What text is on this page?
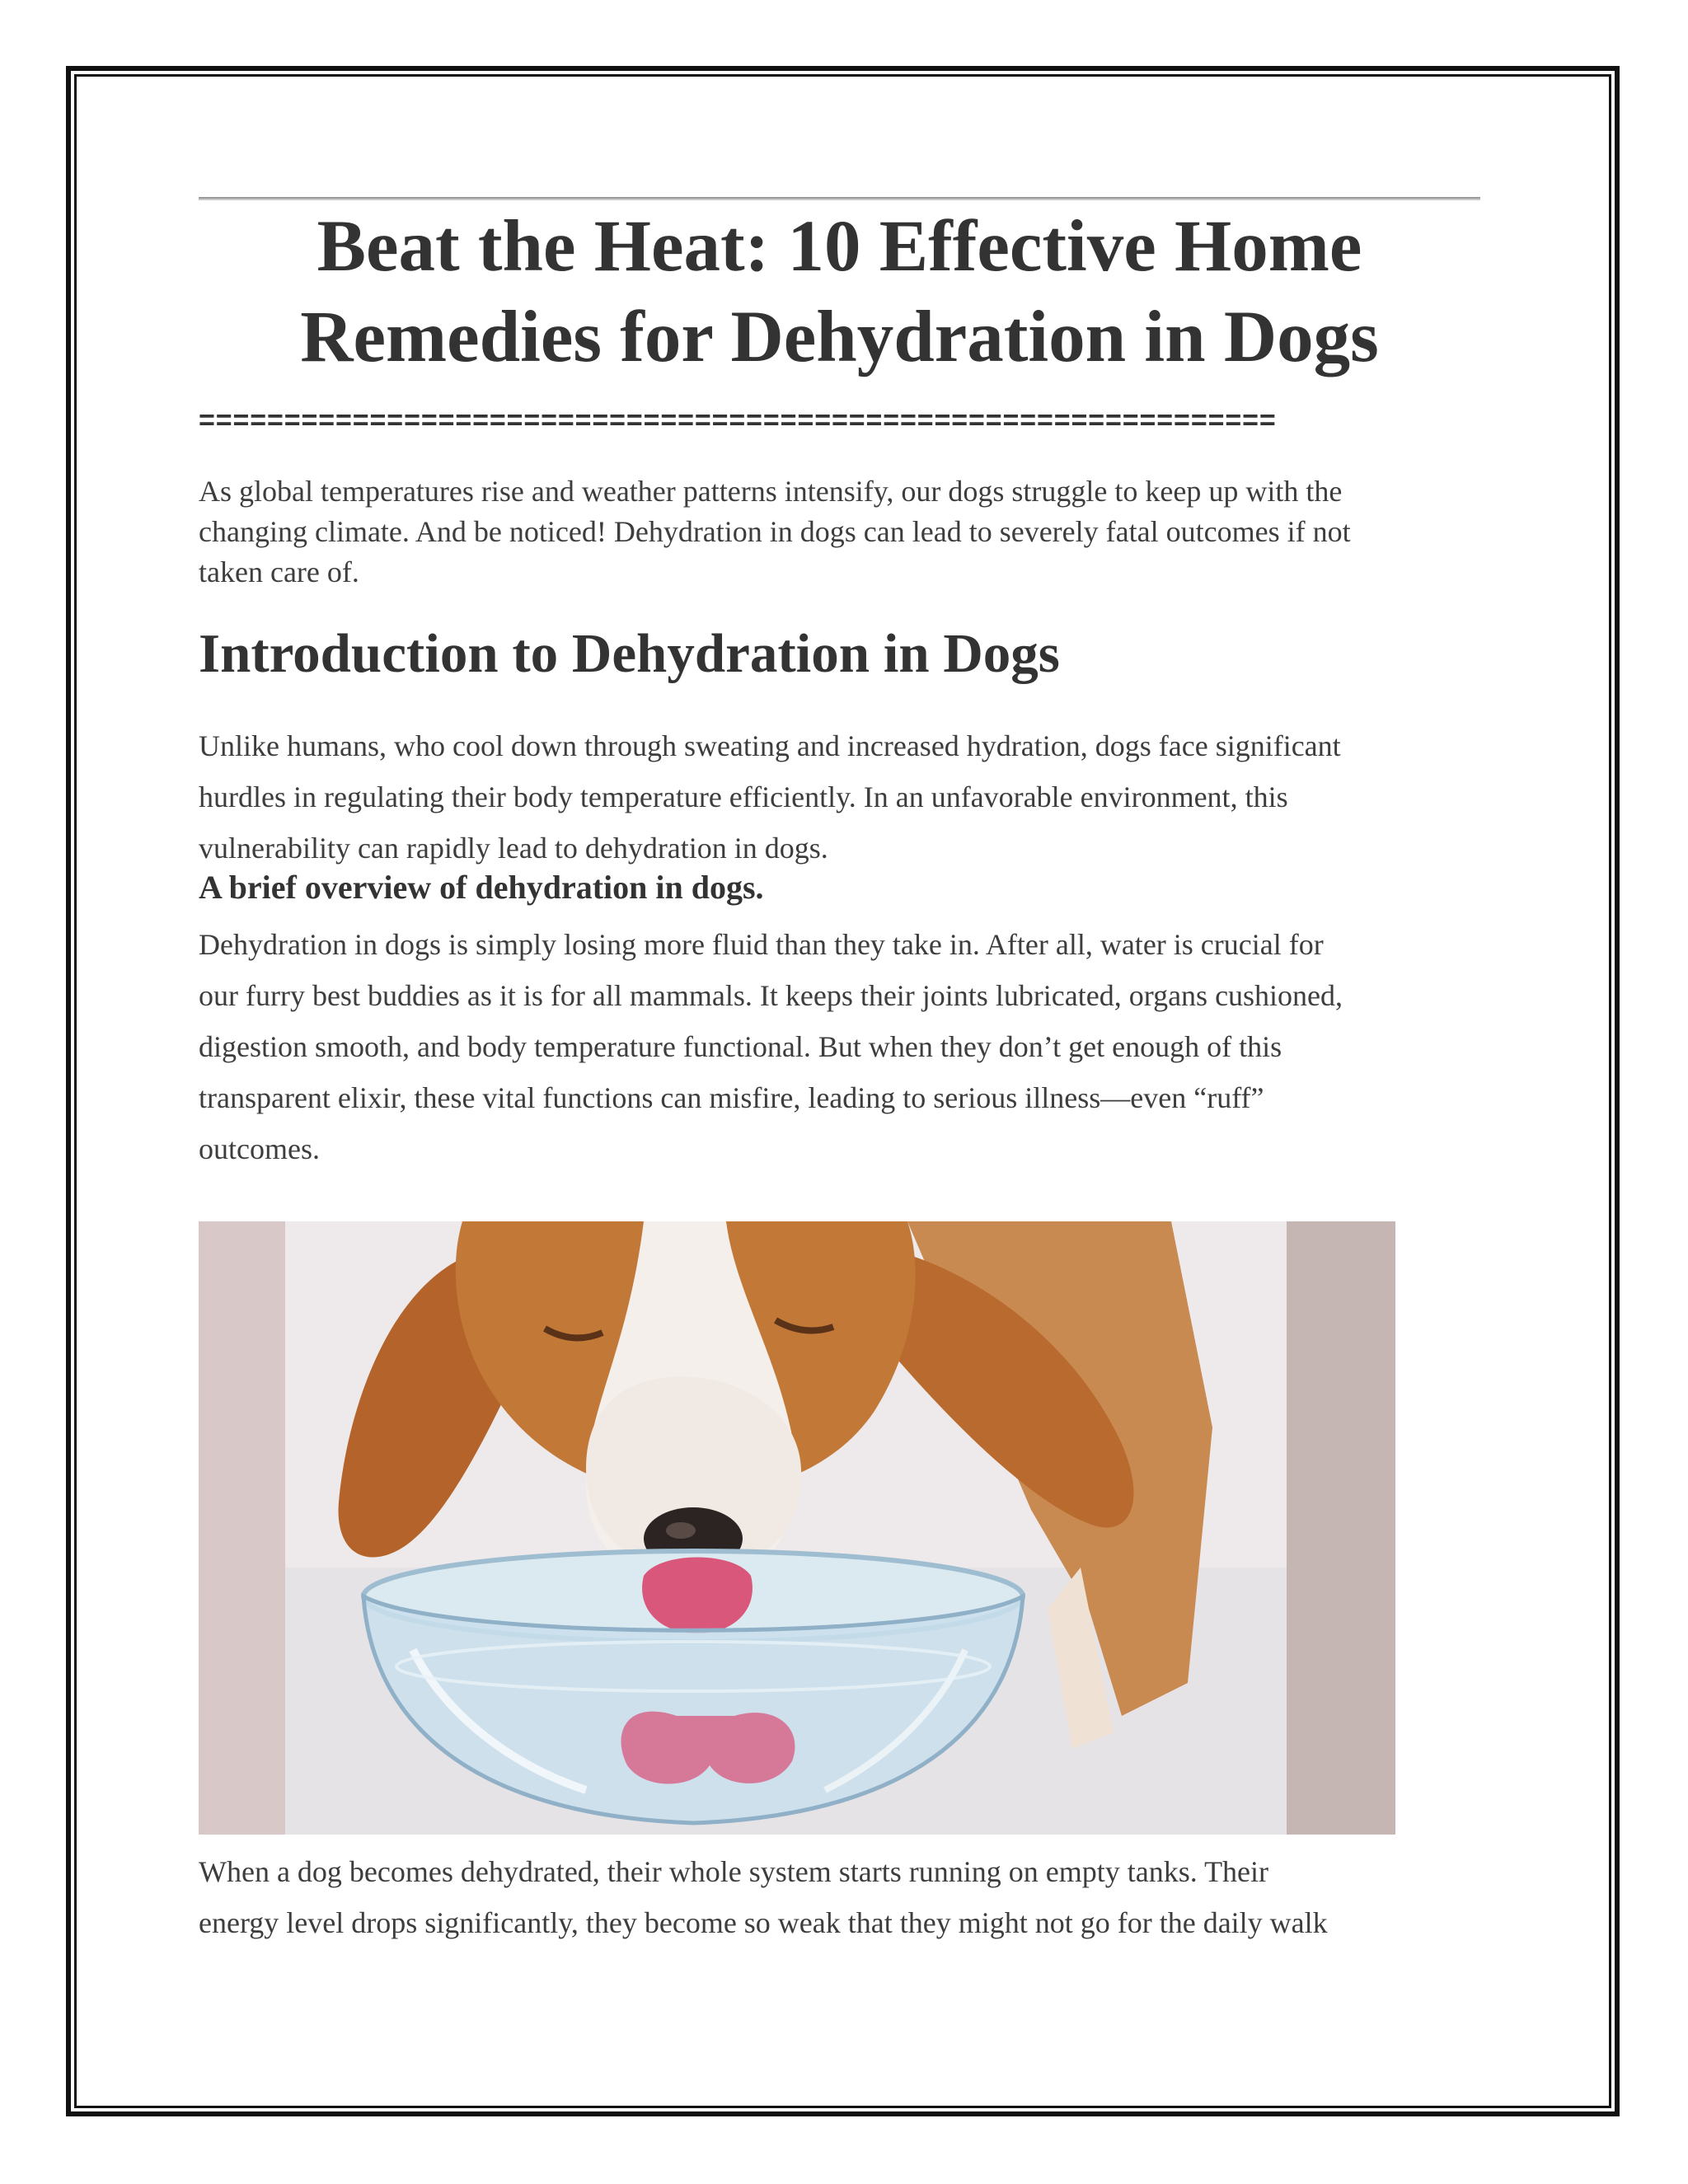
Beat the Heat: 10 Effective Home
Remedies for Dehydration in Dogs
===============================================================

As global temperatures rise and weather patterns intensify, our dogs struggle to keep up with the
changing climate. And be noticed! Dehydration in dogs can lead to severely fatal outcomes if not
taken care of.

Introduction to Dehydration in Dogs

Unlike humans, who cool down through sweating and increased hydration, dogs face significant
hurdles in regulating their body temperature efficiently. In an unfavorable environment, this
vulnerability can rapidly lead to dehydration in dogs.

A brief overview of dehydration in dogs.

Dehydration in dogs is simply losing more fluid than they take in. After all, water is crucial for
our furry best buddies as it is for all mammals. It keeps their joints lubricated, organs cushioned,
digestion smooth, and body temperature functional. But when they don’t get enough of this
transparent elixir, these vital functions can misfire, leading to serious illness—even “ruff”
outcomes.

When a dog becomes dehydrated, their whole system starts running on empty tanks. Their
energy level drops significantly, they become so weak that they might not go for the daily walk
